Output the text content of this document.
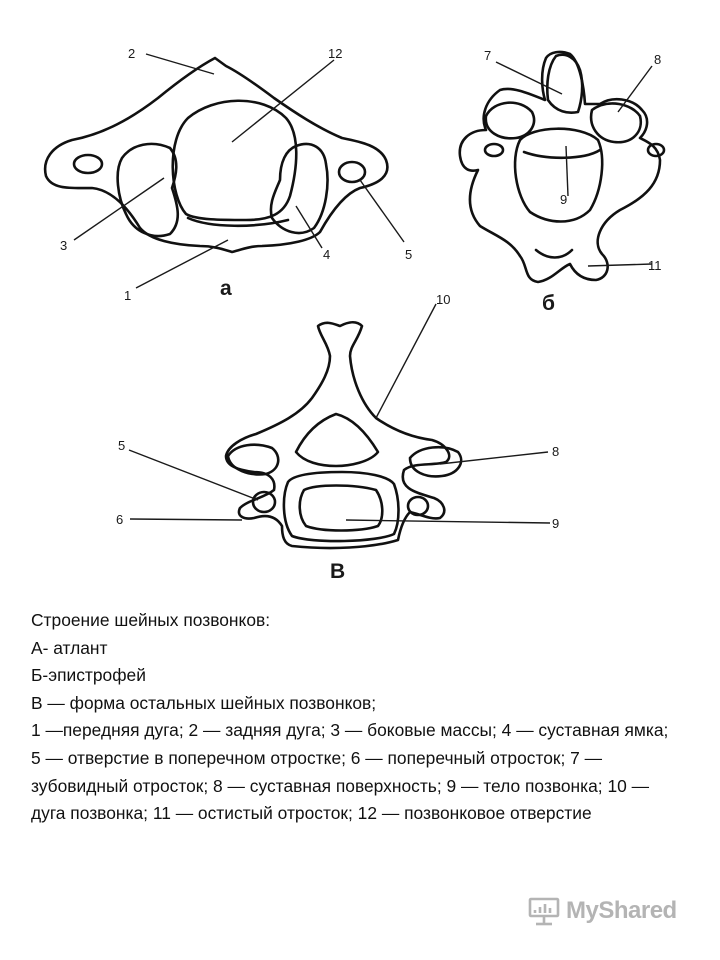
2	12
3
4	5
1	а
7	8
9
11
10	б
5	8
6	9
В
Строение шейных позвонков:
А- атлант
Б-эпистрофей
В — форма остальных шейных позвонков;
1 —передняя дуга; 2 — задняя дуга; 3 — боковые массы; 4 — суставная ямка; 5 — отверстие в поперечном отростке; 6 — поперечный отросток; 7 — зубовидный отросток; 8 — суставная поверхность; 9 — тело позвонка; 10 — дуга позвонка; 11 — остистый отросток; 12 — позвонковое отверстие
MyShared
